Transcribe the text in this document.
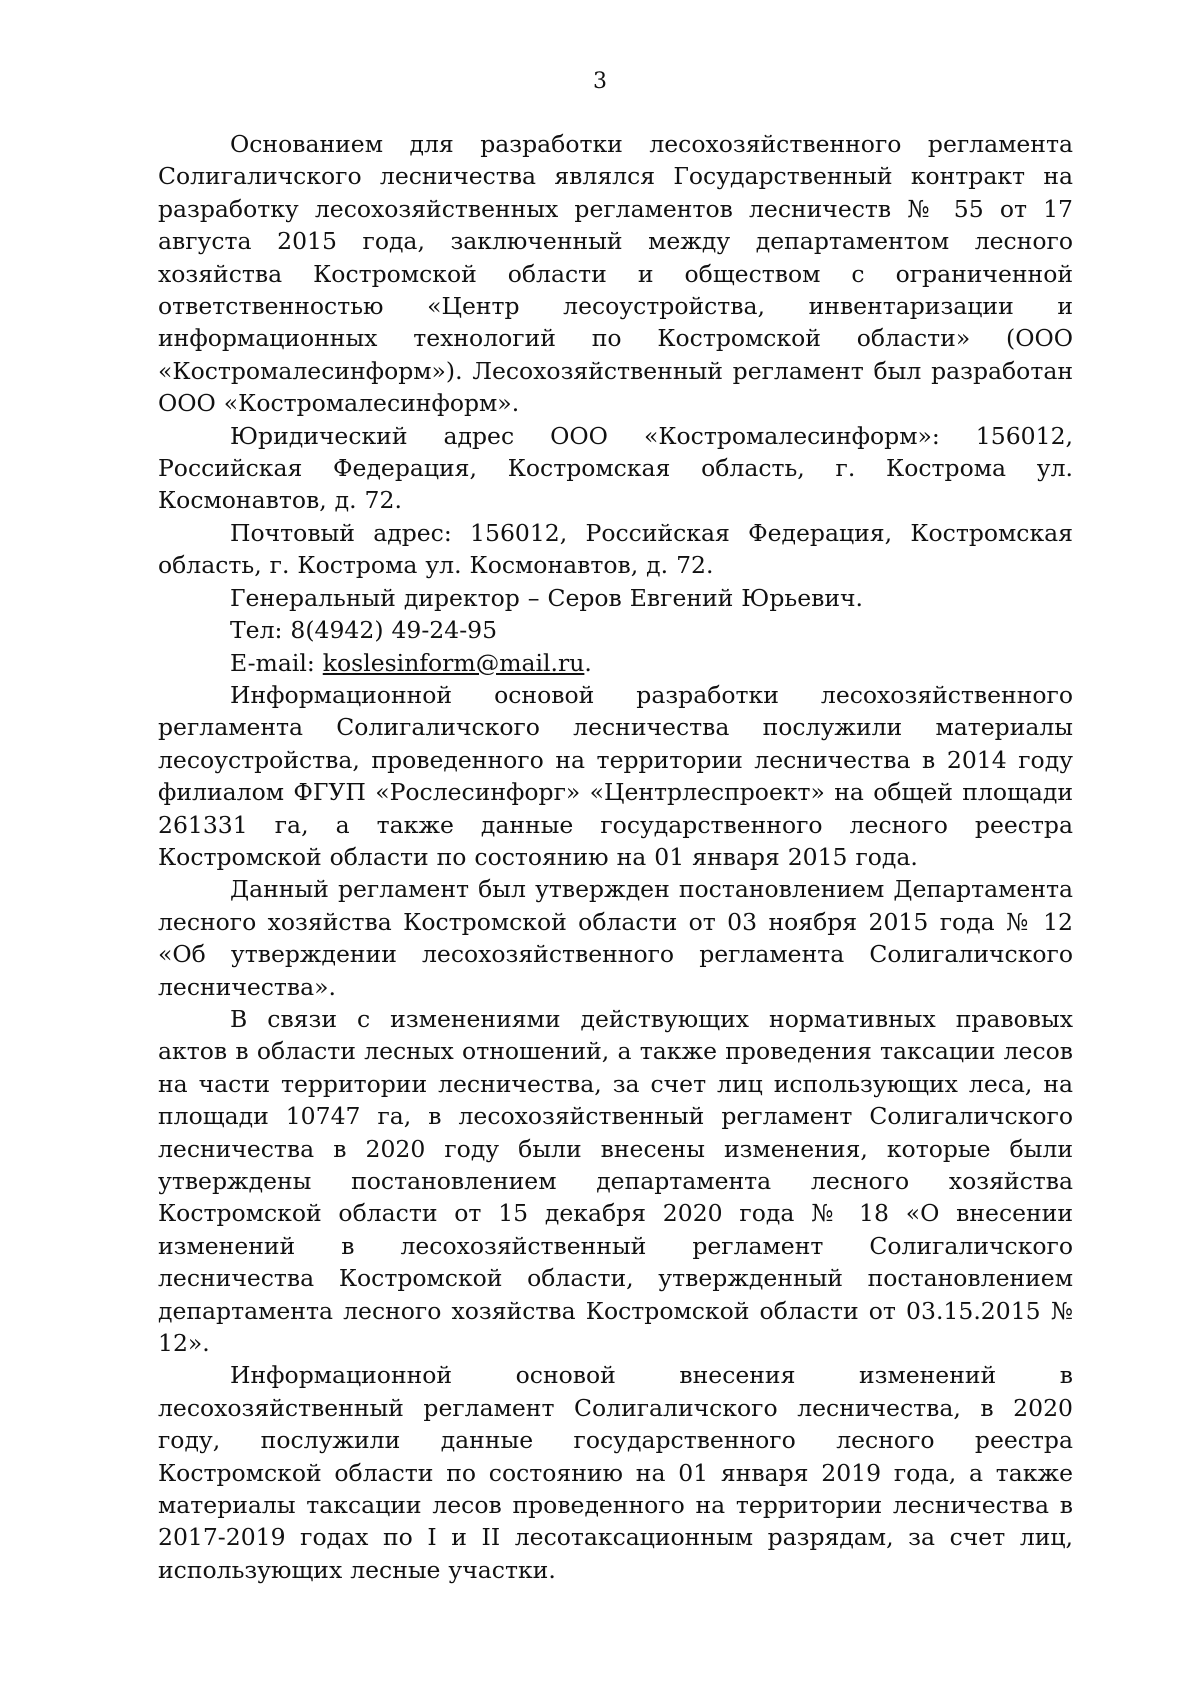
3

Основанием для разработки лесохозяйственного регламента Солигаличского лесничества являлся Государственный контракт на разработку лесохозяйственных регламентов лесничеств № 55 от 17 августа 2015 года, заключенный между департаментом лесного хозяйства Костромской области и обществом с ограниченной ответственностью «Центр лесоустройства, инвентаризации и информационных технологий по Костромской области» (ООО «Костромалесинформ»). Лесохозяйственный регламент был разработан ООО «Костромалесинформ».

Юридический адрес ООО «Костромалесинформ»: 156012, Российская Федерация, Костромская область, г. Кострома ул. Космонавтов, д. 72.

Почтовый адрес: 156012, Российская Федерация, Костромская область, г. Кострома ул. Космонавтов, д. 72.

Генеральный директор – Серов Евгений Юрьевич.

Тел: 8(4942) 49-24-95

E-mail: koslesinform@mail.ru.

Информационной основой разработки лесохозяйственного регламента Солигаличского лесничества послужили материалы лесоустройства, проведенного на территории лесничества в 2014 году филиалом ФГУП «Рослесинфорг» «Центрлеспроект» на общей площади 261331 га, а также данные государственного лесного реестра Костромской области по состоянию на 01 января 2015 года.

Данный регламент был утвержден постановлением Департамента лесного хозяйства Костромской области от 03 ноября 2015 года № 12 «Об утверждении лесохозяйственного регламента Солигаличского лесничества».

В связи с изменениями действующих нормативных правовых актов в области лесных отношений, а также проведения таксации лесов на части территории лесничества, за счет лиц использующих леса, на площади 10747 га, в лесохозяйственный регламент Солигаличского лесничества в 2020 году были внесены изменения, которые были утверждены постановлением департамента лесного хозяйства Костромской области от 15 декабря 2020 года № 18 «О внесении изменений в лесохозяйственный регламент Солигаличского лесничества Костромской области, утвержденный постановлением департамента лесного хозяйства Костромской области от 03.15.2015 № 12».

Информационной основой внесения изменений в лесохозяйственный регламент Солигаличского лесничества, в 2020 году, послужили данные государственного лесного реестра Костромской области по состоянию на 01 января 2019 года, а также материалы таксации лесов проведенного на территории лесничества в 2017-2019 годах по I и II лесотаксационным разрядам, за счет лиц, использующих лесные участки.
